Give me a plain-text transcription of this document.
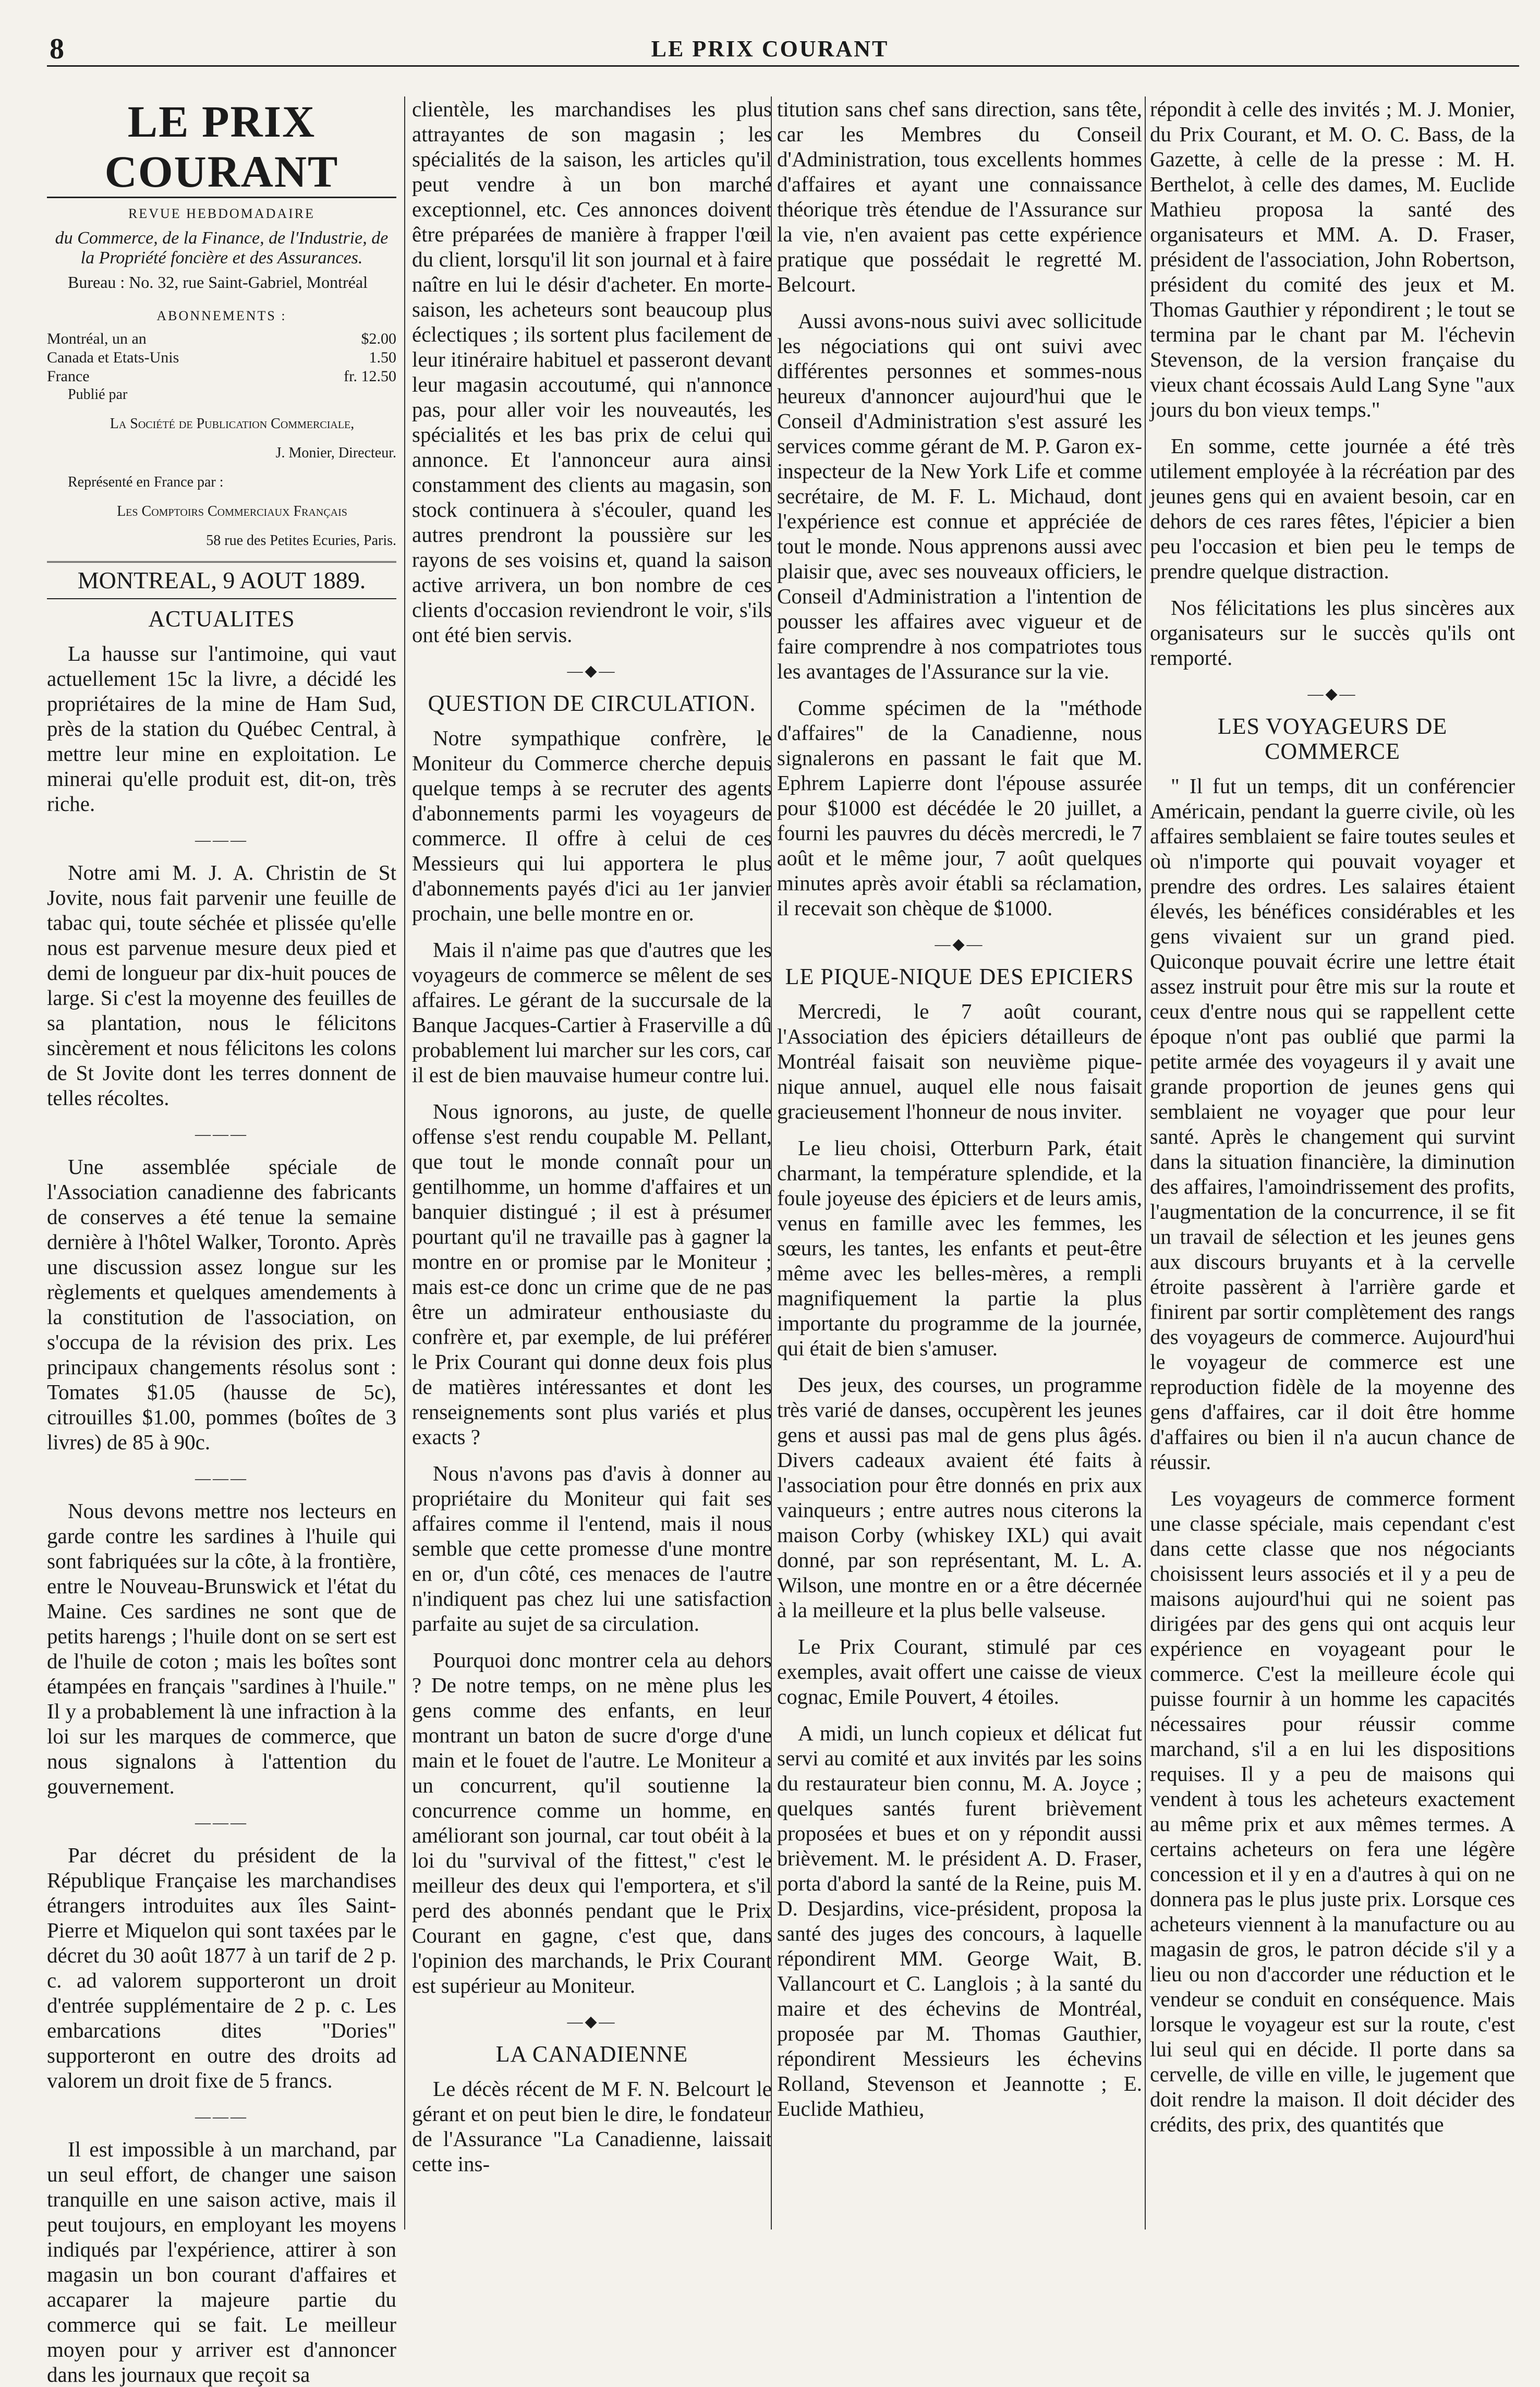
8	LE PRIX COURANT
LE PRIX COURANT
REVUE HEBDOMADAIRE
du Commerce, de la Finance, de l'Industrie, de la Propriété foncière et des Assurances.

Bureau : No. 32, rue Saint-Gabriel, Montréal

ABONNEMENTS :
Montréal, un an	$2.00
Canada et Etats-Unis	1.50
France	fr. 12.50

Publié par

La Société de Publication Commerciale,

J. Monier, Directeur.

Représenté en France par :

Les Comptoirs Commerciaux Français

58 rue des Petites Ecuries, Paris.

MONTREAL, 9 AOUT 1889.
ACTUALITES

La hausse sur l'antimoine, qui vaut actuellement 15c la livre, a décidé les propriétaires de la mine de Ham Sud, près de la station du Québec Central, à mettre leur mine en exploitation. Le minerai qu'elle produit est, dit-on, très riche.

———

Notre ami M. J. A. Christin de St Jovite, nous fait parvenir une feuille de tabac qui, toute séchée et plissée qu'elle nous est parvenue mesure deux pied et demi de longueur par dix-huit pouces de large. Si c'est la moyenne des feuilles de sa plantation, nous le félicitons sincèrement et nous félicitons les colons de St Jovite dont les terres donnent de telles récoltes.

———

Une assemblée spéciale de l'Association canadienne des fabricants de conserves a été tenue la semaine dernière à l'hôtel Walker, Toronto. Après une discussion assez longue sur les règlements et quelques amendements à la constitution de l'association, on s'occupa de la révision des prix. Les principaux changements résolus sont : Tomates $1.05 (hausse de 5c), citrouilles $1.00, pommes (boîtes de 3 livres) de 85 à 90c.

———

Nous devons mettre nos lecteurs en garde contre les sardines à l'huile qui sont fabriquées sur la côte, à la frontière, entre le Nouveau-Brunswick et l'état du Maine. Ces sardines ne sont que de petits harengs ; l'huile dont on se sert est de l'huile de coton ; mais les boîtes sont étampées en français "sardines à l'huile." Il y a probablement là une infraction à la loi sur les marques de commerce, que nous signalons à l'attention du gouvernement.

———

Par décret du président de la République Française les marchandises étrangers introduites aux îles Saint-Pierre et Miquelon qui sont taxées par le décret du 30 août 1877 à un tarif de 2 p. c. ad valorem supporteront un droit d'entrée supplémentaire de 2 p. c. Les embarcations dites "Dories" supporteront en outre des droits ad valorem un droit fixe de 5 francs.

———

Il est impossible à un marchand, par un seul effort, de changer une saison tranquille en une saison active, mais il peut toujours, en employant les moyens indiqués par l'expérience, attirer à son magasin un bon courant d'affaires et accaparer la majeure partie du commerce qui se fait. Le meilleur moyen pour y arriver est d'annoncer dans les journaux que reçoit sa

clientèle, les marchandises les plus attrayantes de son magasin ; les spécialités de la saison, les articles qu'il peut vendre à un bon marché exceptionnel, etc. Ces annonces doivent être préparées de manière à frapper l'œil du client, lorsqu'il lit son journal et à faire naître en lui le désir d'acheter. En morte-saison, les acheteurs sont beaucoup plus éclectiques ; ils sortent plus facilement de leur itinéraire habituel et passeront devant leur magasin accoutumé, qui n'annonce pas, pour aller voir les nouveautés, les spécialités et les bas prix de celui qui annonce. Et l'annonceur aura ainsi constamment des clients au magasin, son stock continuera à s'écouler, quand les autres prendront la poussière sur les rayons de ses voisins et, quand la saison active arrivera, un bon nombre de ces clients d'occasion reviendront le voir, s'ils ont été bien servis.

—◆—
QUESTION DE CIRCULATION.

Notre sympathique confrère, le Moniteur du Commerce cherche depuis quelque temps à se recruter des agents d'abonnements parmi les voyageurs de commerce. Il offre à celui de ces Messieurs qui lui apportera le plus d'abonnements payés d'ici au 1er janvier prochain, une belle montre en or.

Mais il n'aime pas que d'autres que les voyageurs de commerce se mêlent de ses affaires. Le gérant de la succursale de la Banque Jacques-Cartier à Fraserville a dû probablement lui marcher sur les cors, car il est de bien mauvaise humeur contre lui.

Nous ignorons, au juste, de quelle offense s'est rendu coupable M. Pellant, que tout le monde connaît pour un gentilhomme, un homme d'affaires et un banquier distingué ; il est à présumer pourtant qu'il ne travaille pas à gagner la montre en or promise par le Moniteur ; mais est-ce donc un crime que de ne pas être un admirateur enthousiaste du confrère et, par exemple, de lui préférer le Prix Courant qui donne deux fois plus de matières intéressantes et dont les renseignements sont plus variés et plus exacts ?

Nous n'avons pas d'avis à donner au propriétaire du Moniteur qui fait ses affaires comme il l'entend, mais il nous semble que cette promesse d'une montre en or, d'un côté, ces menaces de l'autre n'indiquent pas chez lui une satisfaction parfaite au sujet de sa circulation.

Pourquoi donc montrer cela au dehors ? De notre temps, on ne mène plus les gens comme des enfants, en leur montrant un baton de sucre d'orge d'une main et le fouet de l'autre. Le Moniteur a un concurrent, qu'il soutienne la concurrence comme un homme, en améliorant son journal, car tout obéit à la loi du "survival of the fittest," c'est le meilleur des deux qui l'emportera, et s'il perd des abonnés pendant que le Prix Courant en gagne, c'est que, dans l'opinion des marchands, le Prix Courant est supérieur au Moniteur.

—◆—
LA CANADIENNE

Le décès récent de M F. N. Belcourt le gérant et on peut bien le dire, le fondateur de l'Assurance "La Canadienne, laissait cette ins-

titution sans chef sans direction, sans tête, car les Membres du Conseil d'Administration, tous excellents hommes d'affaires et ayant une connaissance théorique très étendue de l'Assurance sur la vie, n'en avaient pas cette expérience pratique que possédait le regretté M. Belcourt.

Aussi avons-nous suivi avec sollicitude les négociations qui ont suivi avec différentes personnes et sommes-nous heureux d'annoncer aujourd'hui que le Conseil d'Administration s'est assuré les services comme gérant de M. P. Garon ex-inspecteur de la New York Life et comme secrétaire, de M. F. L. Michaud, dont l'expérience est connue et appréciée de tout le monde. Nous apprenons aussi avec plaisir que, avec ses nouveaux officiers, le Conseil d'Administration a l'intention de pousser les affaires avec vigueur et de faire comprendre à nos compatriotes tous les avantages de l'Assurance sur la vie.

Comme spécimen de la "méthode d'affaires" de la Canadienne, nous signalerons en passant le fait que M. Ephrem Lapierre dont l'épouse assurée pour $1000 est décédée le 20 juillet, a fourni les pauvres du décès mercredi, le 7 août et le même jour, 7 août quelques minutes après avoir établi sa réclamation, il recevait son chèque de $1000.

—◆—
LE PIQUE-NIQUE DES EPICIERS

Mercredi, le 7 août courant, l'Association des épiciers détailleurs de Montréal faisait son neuvième pique-nique annuel, auquel elle nous faisait gracieusement l'honneur de nous inviter.

Le lieu choisi, Otterburn Park, était charmant, la température splendide, et la foule joyeuse des épiciers et de leurs amis, venus en famille avec les femmes, les sœurs, les tantes, les enfants et peut-être même avec les belles-mères, a rempli magnifiquement la partie la plus importante du programme de la journée, qui était de bien s'amuser.

Des jeux, des courses, un programme très varié de danses, occupèrent les jeunes gens et aussi pas mal de gens plus âgés. Divers cadeaux avaient été faits à l'association pour être donnés en prix aux vainqueurs ; entre autres nous citerons la maison Corby (whiskey IXL) qui avait donné, par son représentant, M. L. A. Wilson, une montre en or a être décernée à la meilleure et la plus belle valseuse.

Le Prix Courant, stimulé par ces exemples, avait offert une caisse de vieux cognac, Emile Pouvert, 4 étoiles.

A midi, un lunch copieux et délicat fut servi au comité et aux invités par les soins du restaurateur bien connu, M. A. Joyce ; quelques santés furent brièvement proposées et bues et on y répondit aussi brièvement. M. le président A. D. Fraser, porta d'abord la santé de la Reine, puis M. D. Desjardins, vice-président, proposa la santé des juges des concours, à laquelle répondirent MM. George Wait, B. Vallancourt et C. Langlois ; à la santé du maire et des échevins de Montréal, proposée par M. Thomas Gauthier, répondirent Messieurs les échevins Rolland, Stevenson et Jeannotte ; E. Euclide Mathieu,

répondit à celle des invités ; M. J. Monier, du Prix Courant, et M. O. C. Bass, de la Gazette, à celle de la presse : M. H. Berthelot, à celle des dames, M. Euclide Mathieu proposa la santé des organisateurs et MM. A. D. Fraser, président de l'association, John Robertson, président du comité des jeux et M. Thomas Gauthier y répondirent ; le tout se termina par le chant par M. l'échevin Stevenson, de la version française du vieux chant écossais Auld Lang Syne "aux jours du bon vieux temps."

En somme, cette journée a été très utilement employée à la récréation par des jeunes gens qui en avaient besoin, car en dehors de ces rares fêtes, l'épicier a bien peu l'occasion et bien peu le temps de prendre quelque distraction.

Nos félicitations les plus sincères aux organisateurs sur le succès qu'ils ont remporté.

—◆—
LES VOYAGEURS DE COMMERCE

" Il fut un temps, dit un conférencier Américain, pendant la guerre civile, où les affaires semblaient se faire toutes seules et où n'importe qui pouvait voyager et prendre des ordres. Les salaires étaient élevés, les bénéfices considérables et les gens vivaient sur un grand pied. Quiconque pouvait écrire une lettre était assez instruit pour être mis sur la route et ceux d'entre nous qui se rappellent cette époque n'ont pas oublié que parmi la petite armée des voyageurs il y avait une grande proportion de jeunes gens qui semblaient ne voyager que pour leur santé. Après le changement qui survint dans la situation financière, la diminution des affaires, l'amoindrissement des profits, l'augmentation de la concurrence, il se fit un travail de sélection et les jeunes gens aux discours bruyants et à la cervelle étroite passèrent à l'arrière garde et finirent par sortir complètement des rangs des voyageurs de commerce. Aujourd'hui le voyageur de commerce est une reproduction fidèle de la moyenne des gens d'affaires, car il doit être homme d'affaires ou bien il n'a aucun chance de réussir.

Les voyageurs de commerce forment une classe spéciale, mais cependant c'est dans cette classe que nos négociants choisissent leurs associés et il y a peu de maisons aujourd'hui qui ne soient pas dirigées par des gens qui ont acquis leur expérience en voyageant pour le commerce. C'est la meilleure école qui puisse fournir à un homme les capacités nécessaires pour réussir comme marchand, s'il a en lui les dispositions requises. Il y a peu de maisons qui vendent à tous les acheteurs exactement au même prix et aux mêmes termes. A certains acheteurs on fera une légère concession et il y en a d'autres à qui on ne donnera pas le plus juste prix. Lorsque ces acheteurs viennent à la manufacture ou au magasin de gros, le patron décide s'il y a lieu ou non d'accorder une réduction et le vendeur se conduit en conséquence. Mais lorsque le voyageur est sur la route, c'est lui seul qui en décide. Il porte dans sa cervelle, de ville en ville, le jugement que doit rendre la maison. Il doit décider des crédits, des prix, des quantités que
